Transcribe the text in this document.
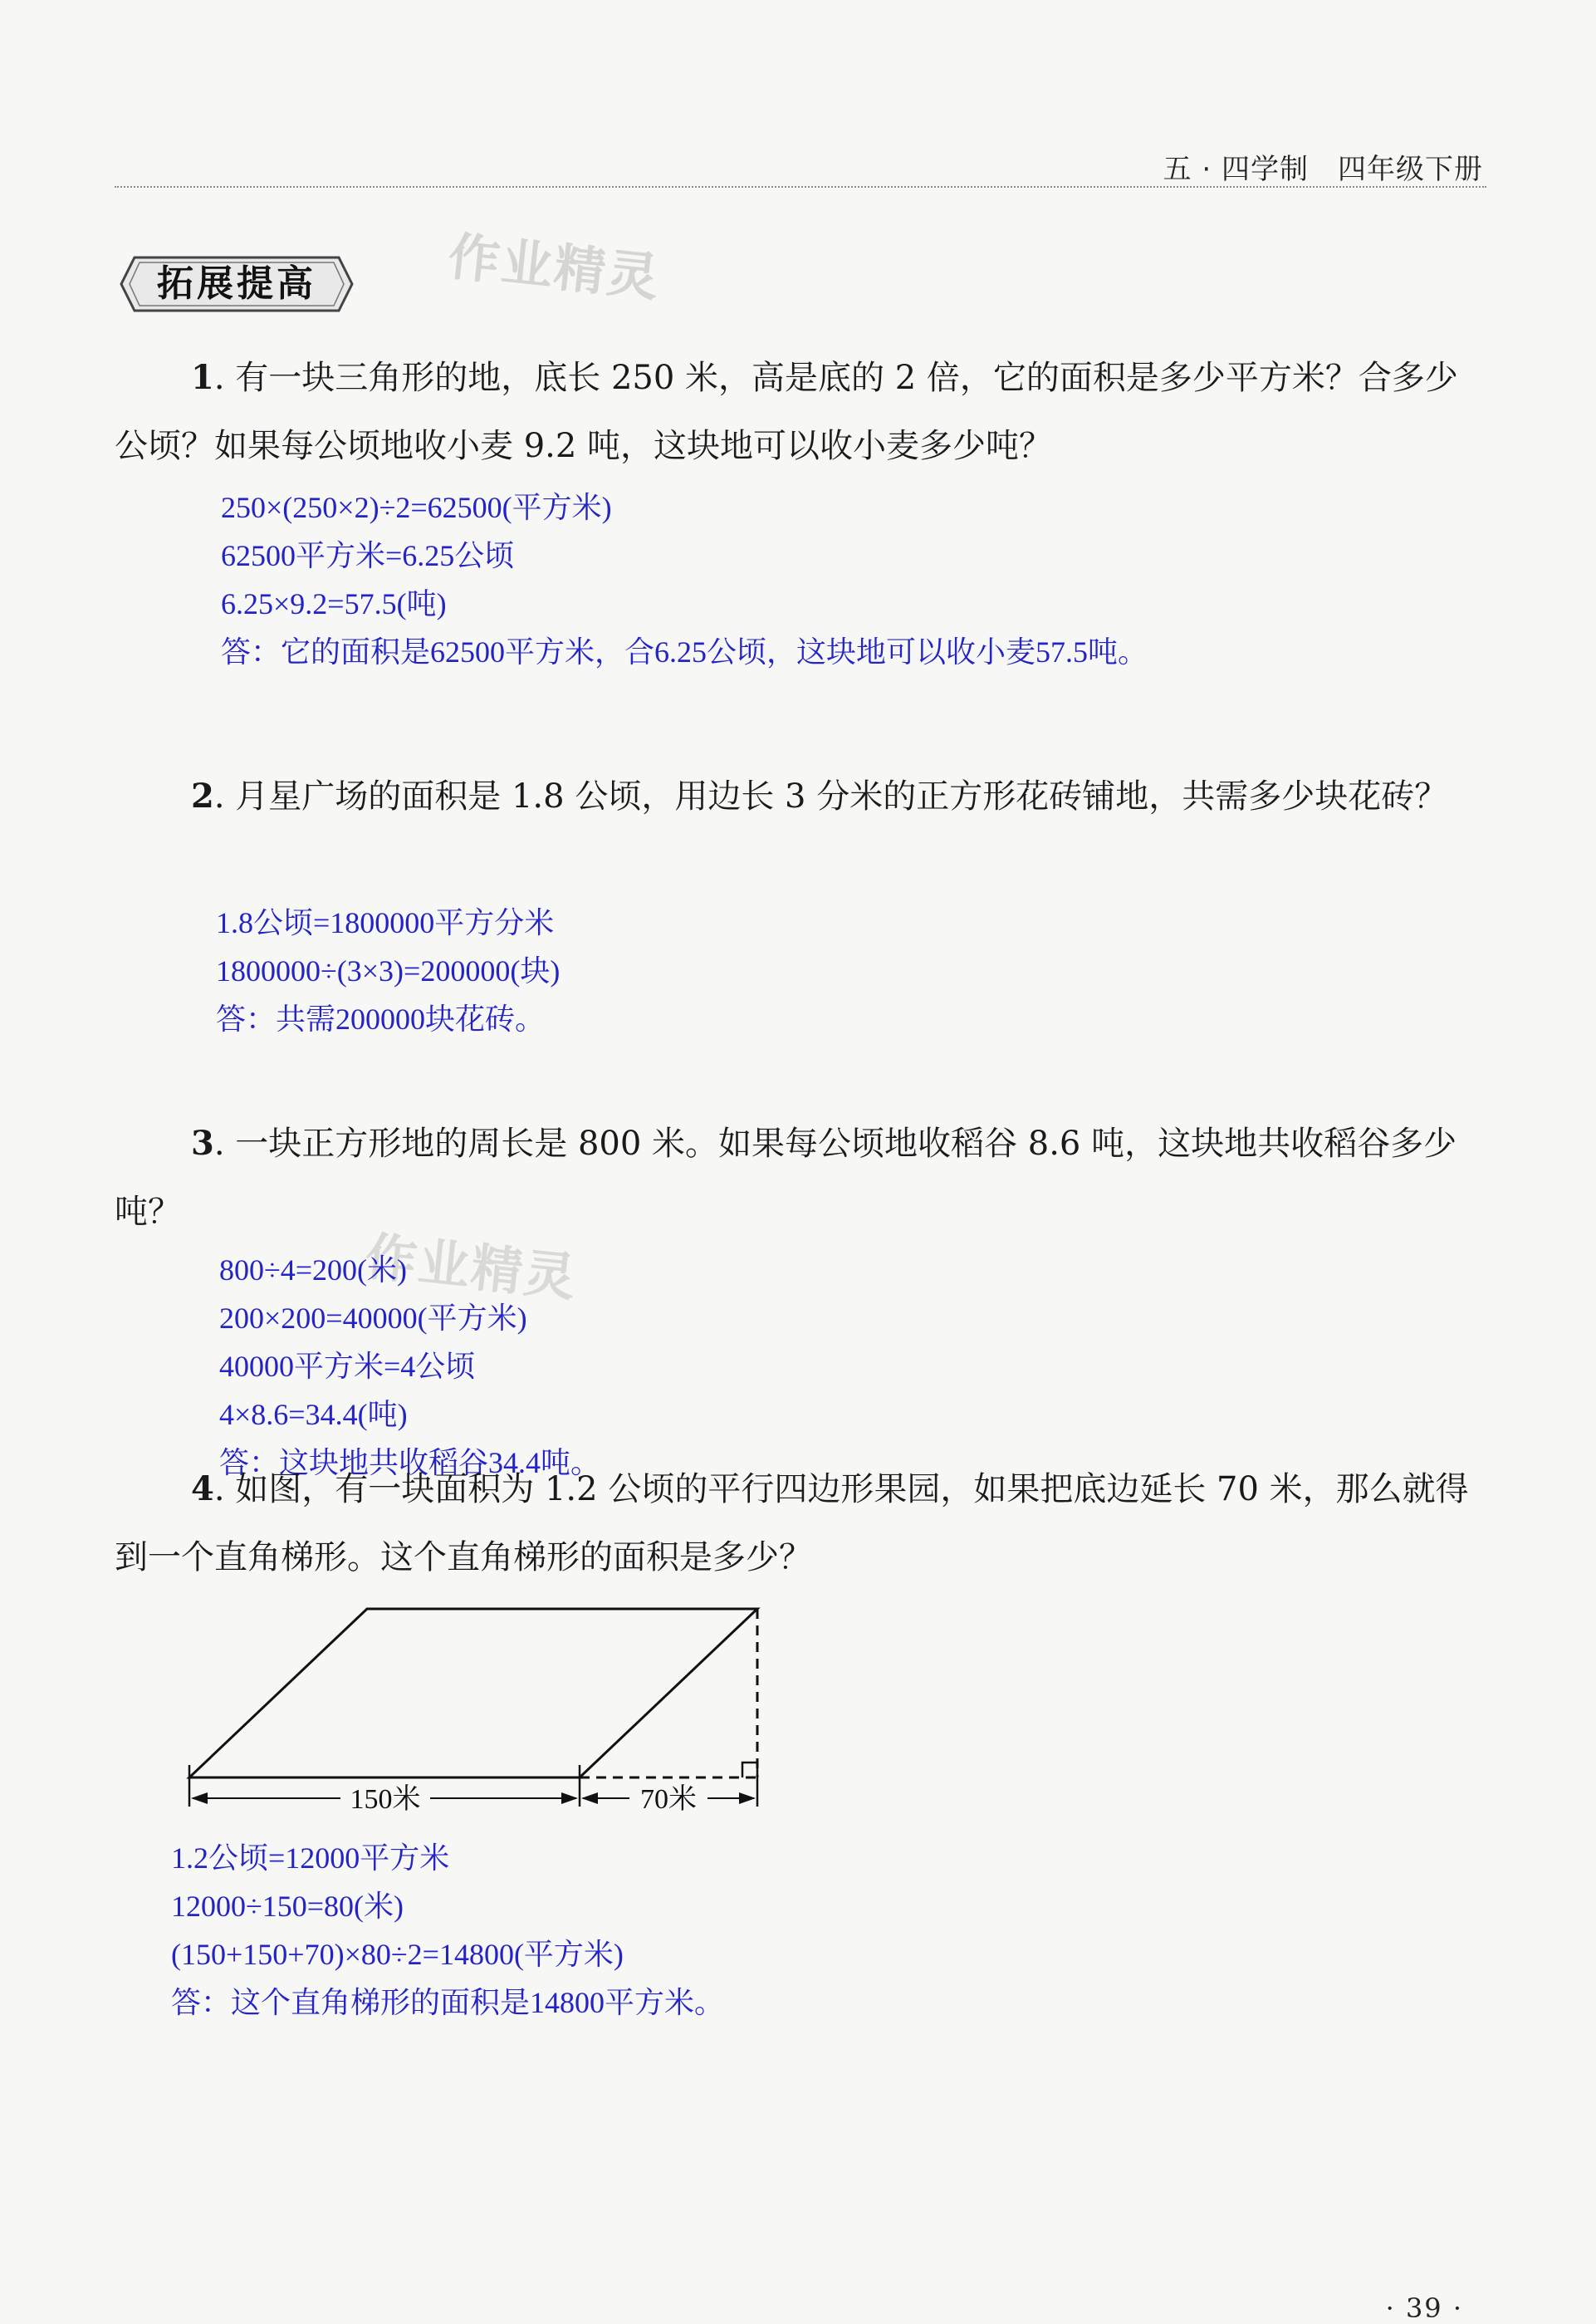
五 · 四学制　四年级下册
拓展提高	作业精灵
作业精灵
1. 有一块三角形的地，底长 250 米，高是底的 2 倍，它的面积是多少平方米？合多少公顷？如果每公顷地收小麦 9.2 吨，这块地可以收小麦多少吨？
250×(250×2)÷2=62500(平方米)
62500平方米=6.25公顷
6.25×9.2=57.5(吨)
答：它的面积是62500平方米，合6.25公顷，这块地可以收小麦57.5吨。
2. 月星广场的面积是 1.8 公顷，用边长 3 分米的正方形花砖铺地，共需多少块花砖？
1.8公顷=1800000平方分米
1800000÷(3×3)=200000(块)
答：共需200000块花砖。
3. 一块正方形地的周长是 800 米。如果每公顷地收稻谷 8.6 吨，这块地共收稻谷多少吨？
800÷4=200(米)
200×200=40000(平方米)
40000平方米=4公顷
4×8.6=34.4(吨)
答：这块地共收稻谷34.4吨。
4. 如图，有一块面积为 1.2 公顷的平行四边形果园，如果把底边延长 70 米，那么就得到一个直角梯形。这个直角梯形的面积是多少？
150米	70米
1.2公顷=12000平方米
12000÷150=80(米)
(150+150+70)×80÷2=14800(平方米)
答：这个直角梯形的面积是14800平方米。
· 39 ·
